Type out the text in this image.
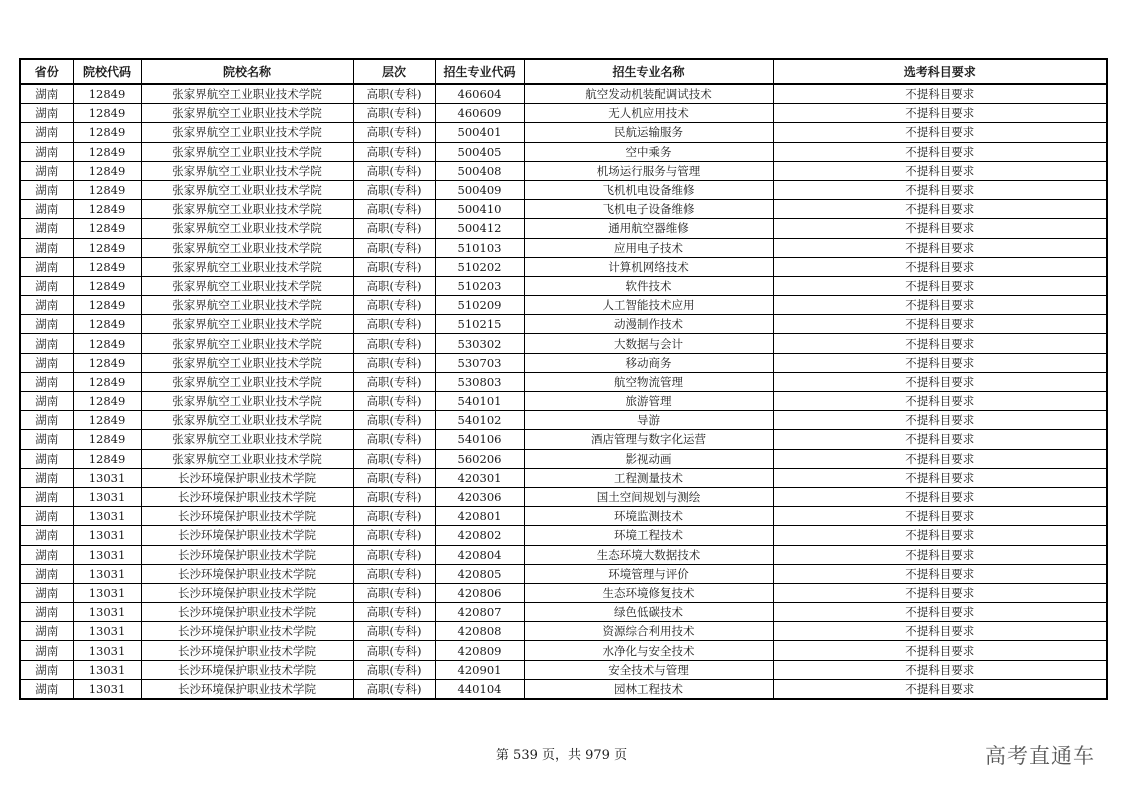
省份	院校代码	院校名称	层次	招生专业代码	招生专业名称	选考科目要求
湖南	12849	张家界航空工业职业技术学院	高职(专科)	460604	航空发动机装配调试技术	不提科目要求
湖南	12849	张家界航空工业职业技术学院	高职(专科)	460609	无人机应用技术	不提科目要求
湖南	12849	张家界航空工业职业技术学院	高职(专科)	500401	民航运输服务	不提科目要求
湖南	12849	张家界航空工业职业技术学院	高职(专科)	500405	空中乘务	不提科目要求
湖南	12849	张家界航空工业职业技术学院	高职(专科)	500408	机场运行服务与管理	不提科目要求
湖南	12849	张家界航空工业职业技术学院	高职(专科)	500409	飞机机电设备维修	不提科目要求
湖南	12849	张家界航空工业职业技术学院	高职(专科)	500410	飞机电子设备维修	不提科目要求
湖南	12849	张家界航空工业职业技术学院	高职(专科)	500412	通用航空器维修	不提科目要求
湖南	12849	张家界航空工业职业技术学院	高职(专科)	510103	应用电子技术	不提科目要求
湖南	12849	张家界航空工业职业技术学院	高职(专科)	510202	计算机网络技术	不提科目要求
湖南	12849	张家界航空工业职业技术学院	高职(专科)	510203	软件技术	不提科目要求
湖南	12849	张家界航空工业职业技术学院	高职(专科)	510209	人工智能技术应用	不提科目要求
湖南	12849	张家界航空工业职业技术学院	高职(专科)	510215	动漫制作技术	不提科目要求
湖南	12849	张家界航空工业职业技术学院	高职(专科)	530302	大数据与会计	不提科目要求
湖南	12849	张家界航空工业职业技术学院	高职(专科)	530703	移动商务	不提科目要求
湖南	12849	张家界航空工业职业技术学院	高职(专科)	530803	航空物流管理	不提科目要求
湖南	12849	张家界航空工业职业技术学院	高职(专科)	540101	旅游管理	不提科目要求
湖南	12849	张家界航空工业职业技术学院	高职(专科)	540102	导游	不提科目要求
湖南	12849	张家界航空工业职业技术学院	高职(专科)	540106	酒店管理与数字化运营	不提科目要求
湖南	12849	张家界航空工业职业技术学院	高职(专科)	560206	影视动画	不提科目要求
湖南	13031	长沙环境保护职业技术学院	高职(专科)	420301	工程测量技术	不提科目要求
湖南	13031	长沙环境保护职业技术学院	高职(专科)	420306	国土空间规划与测绘	不提科目要求
湖南	13031	长沙环境保护职业技术学院	高职(专科)	420801	环境监测技术	不提科目要求
湖南	13031	长沙环境保护职业技术学院	高职(专科)	420802	环境工程技术	不提科目要求
湖南	13031	长沙环境保护职业技术学院	高职(专科)	420804	生态环境大数据技术	不提科目要求
湖南	13031	长沙环境保护职业技术学院	高职(专科)	420805	环境管理与评价	不提科目要求
湖南	13031	长沙环境保护职业技术学院	高职(专科)	420806	生态环境修复技术	不提科目要求
湖南	13031	长沙环境保护职业技术学院	高职(专科)	420807	绿色低碳技术	不提科目要求
湖南	13031	长沙环境保护职业技术学院	高职(专科)	420808	资源综合利用技术	不提科目要求
湖南	13031	长沙环境保护职业技术学院	高职(专科)	420809	水净化与安全技术	不提科目要求
湖南	13031	长沙环境保护职业技术学院	高职(专科)	420901	安全技术与管理	不提科目要求
湖南	13031	长沙环境保护职业技术学院	高职(专科)	440104	园林工程技术	不提科目要求
第 539 页，共 979 页	高考直通车
